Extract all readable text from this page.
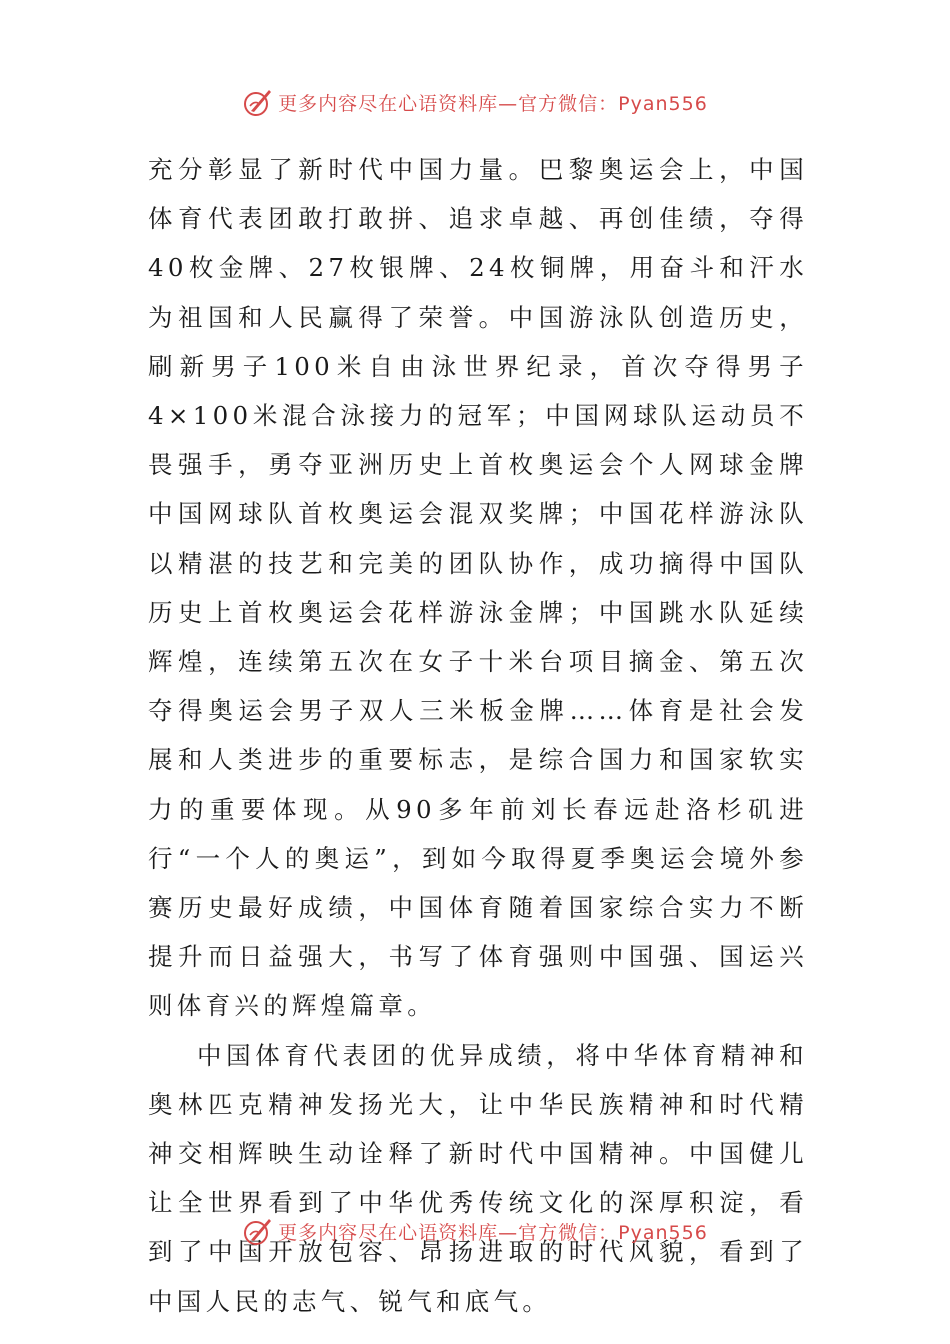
更多内容尽在心语资料库—官方微信：Pyan556

充分彰显了新时代中国力量。巴黎奥运会上，中国体育代表团敢打敢拼、追求卓越、再创佳绩，夺得40枚金牌、27枚银牌、24枚铜牌，用奋斗和汗水为祖国和人民赢得了荣誉。中国游泳队创造历史，刷新男子100米自由泳世界纪录，首次夺得男子4×100米混合泳接力的冠军；中国网球队运动员不畏强手，勇夺亚洲历史上首枚奥运会个人网球金牌中国网球队首枚奥运会混双奖牌；中国花样游泳队以精湛的技艺和完美的团队协作，成功摘得中国队历史上首枚奥运会花样游泳金牌；中国跳水队延续辉煌，连续第五次在女子十米台项目摘金、第五次夺得奥运会男子双人三米板金牌……体育是社会发展和人类进步的重要标志，是综合国力和国家软实力的重要体现。从90多年前刘长春远赴洛杉矶进行“一个人的奥运”，到如今取得夏季奥运会境外参赛历史最好成绩，中国体育随着国家综合实力不断提升而日益强大，书写了体育强则中国强、国运兴则体育兴的辉煌篇章。

中国体育代表团的优异成绩，将中华体育精神和奥林匹克精神发扬光大，让中华民族精神和时代精神交相辉映生动诠释了新时代中国精神。中国健儿让全世界看到了中华优秀传统文化的深厚积淀，看到了中国开放包容、昂扬进取的时代风貌，看到了中国人民的志气、锐气和底气。

更多内容尽在心语资料库—官方微信：Pyan556
